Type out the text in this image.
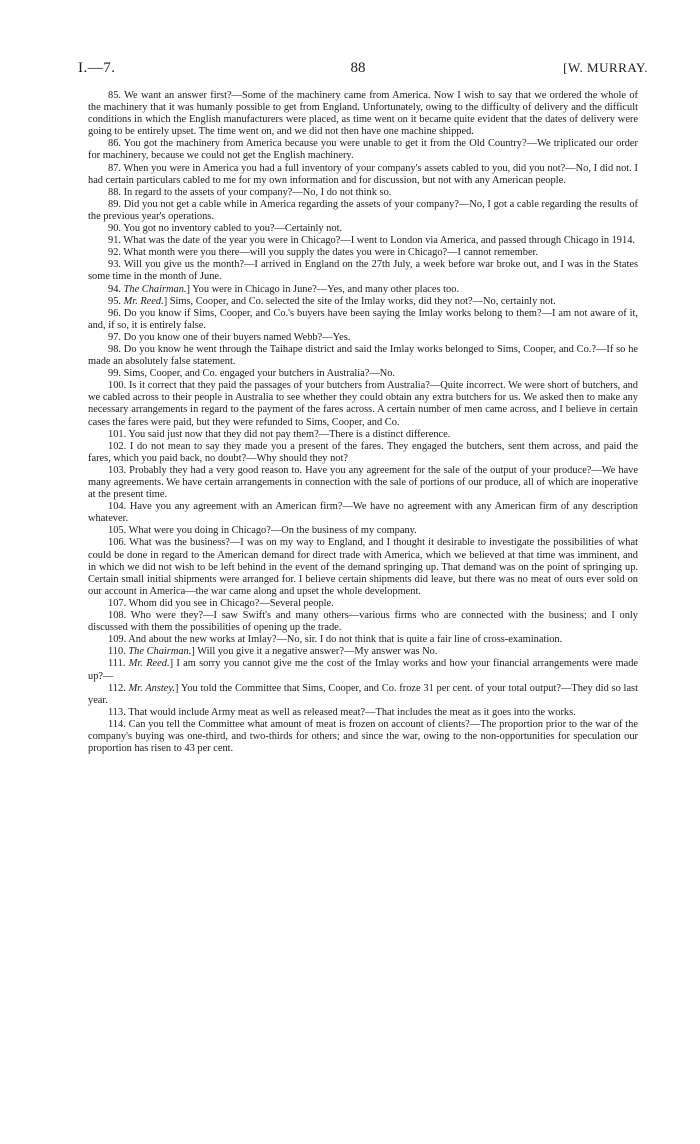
I.—7.	88	[W. MURRAY.

85. We want an answer first?—Some of the machinery came from America. Now I wish to say that we ordered the whole of the machinery that it was humanly possible to get from England. Unfortunately, owing to the difficulty of delivery and the difficult conditions in which the English manufacturers were placed, as time went on it became quite evident that the dates of delivery were going to be entirely upset. The time went on, and we did not then have one machine shipped.

86. You got the machinery from America because you were unable to get it from the Old Country?—We triplicated our order for machinery, because we could not get the English machinery.

87. When you were in America you had a full inventory of your company's assets cabled to you, did you not?—No, I did not. I had certain particulars cabled to me for my own information and for discussion, but not with any American people.

88. In regard to the assets of your company?—No, I do not think so.

89. Did you not get a cable while in America regarding the assets of your company?—No, I got a cable regarding the results of the previous year's operations.

90. You got no inventory cabled to you?—Certainly not.

91. What was the date of the year you were in Chicago?—I went to London via America, and passed through Chicago in 1914.

92. What month were you there—will you supply the dates you were in Chicago?—I cannot remember.

93. Will you give us the month?—I arrived in England on the 27th July, a week before war broke out, and I was in the States some time in the month of June.

94. The Chairman.] You were in Chicago in June?—Yes, and many other places too.

95. Mr. Reed.] Sims, Cooper, and Co. selected the site of the Imlay works, did they not?—No, certainly not.

96. Do you know if Sims, Cooper, and Co.'s buyers have been saying the Imlay works belong to them?—I am not aware of it, and, if so, it is entirely false.

97. Do you know one of their buyers named Webb?—Yes.

98. Do you know he went through the Taihape district and said the Imlay works belonged to Sims, Cooper, and Co.?—If so he made an absolutely false statement.

99. Sims, Cooper, and Co. engaged your butchers in Australia?—No.

100. Is it correct that they paid the passages of your butchers from Australia?—Quite incorrect. We were short of butchers, and we cabled across to their people in Australia to see whether they could obtain any extra butchers for us. We asked then to make any necessary arrangements in regard to the payment of the fares across. A certain number of men came across, and I believe in certain cases the fares were paid, but they were refunded to Sims, Cooper, and Co.

101. You said just now that they did not pay them?—There is a distinct difference.

102. I do not mean to say they made you a present of the fares. They engaged the butchers, sent them across, and paid the fares, which you paid back, no doubt?—Why should they not?

103. Probably they had a very good reason to. Have you any agreement for the sale of the output of your produce?—We have many agreements. We have certain arrangements in connection with the sale of portions of our produce, all of which are inoperative at the present time.

104. Have you any agreement with an American firm?—We have no agreement with any American firm of any description whatever.

105. What were you doing in Chicago?—On the business of my company.

106. What was the business?—I was on my way to England, and I thought it desirable to investigate the possibilities of what could be done in regard to the American demand for direct trade with America, which we believed at that time was imminent, and in which we did not wish to be left behind in the event of the demand springing up. That demand was on the point of springing up. Certain small initial shipments were arranged for. I believe certain shipments did leave, but there was no meat of ours ever sold on our account in America—the war came along and upset the whole development.

107. Whom did you see in Chicago?—Several people.

108. Who were they?—I saw Swift's and many others—various firms who are connected with the business; and I only discussed with them the possibilities of opening up the trade.

109. And about the new works at Imlay?—No, sir. I do not think that is quite a fair line of cross-examination.

110. The Chairman.] Will you give it a negative answer?—My answer was No.

111. Mr. Reed.] I am sorry you cannot give me the cost of the Imlay works and how your financial arrangements were made up?—

112. Mr. Anstey.] You told the Committee that Sims, Cooper, and Co. froze 31 per cent. of your total output?—They did so last year.

113. That would include Army meat as well as released meat?—That includes the meat as it goes into the works.

114. Can you tell the Committee what amount of meat is frozen on account of clients?—The proportion prior to the war of the company's buying was one-third, and two-thirds for others; and since the war, owing to the non-opportunities for speculation our proportion has risen to 43 per cent.
